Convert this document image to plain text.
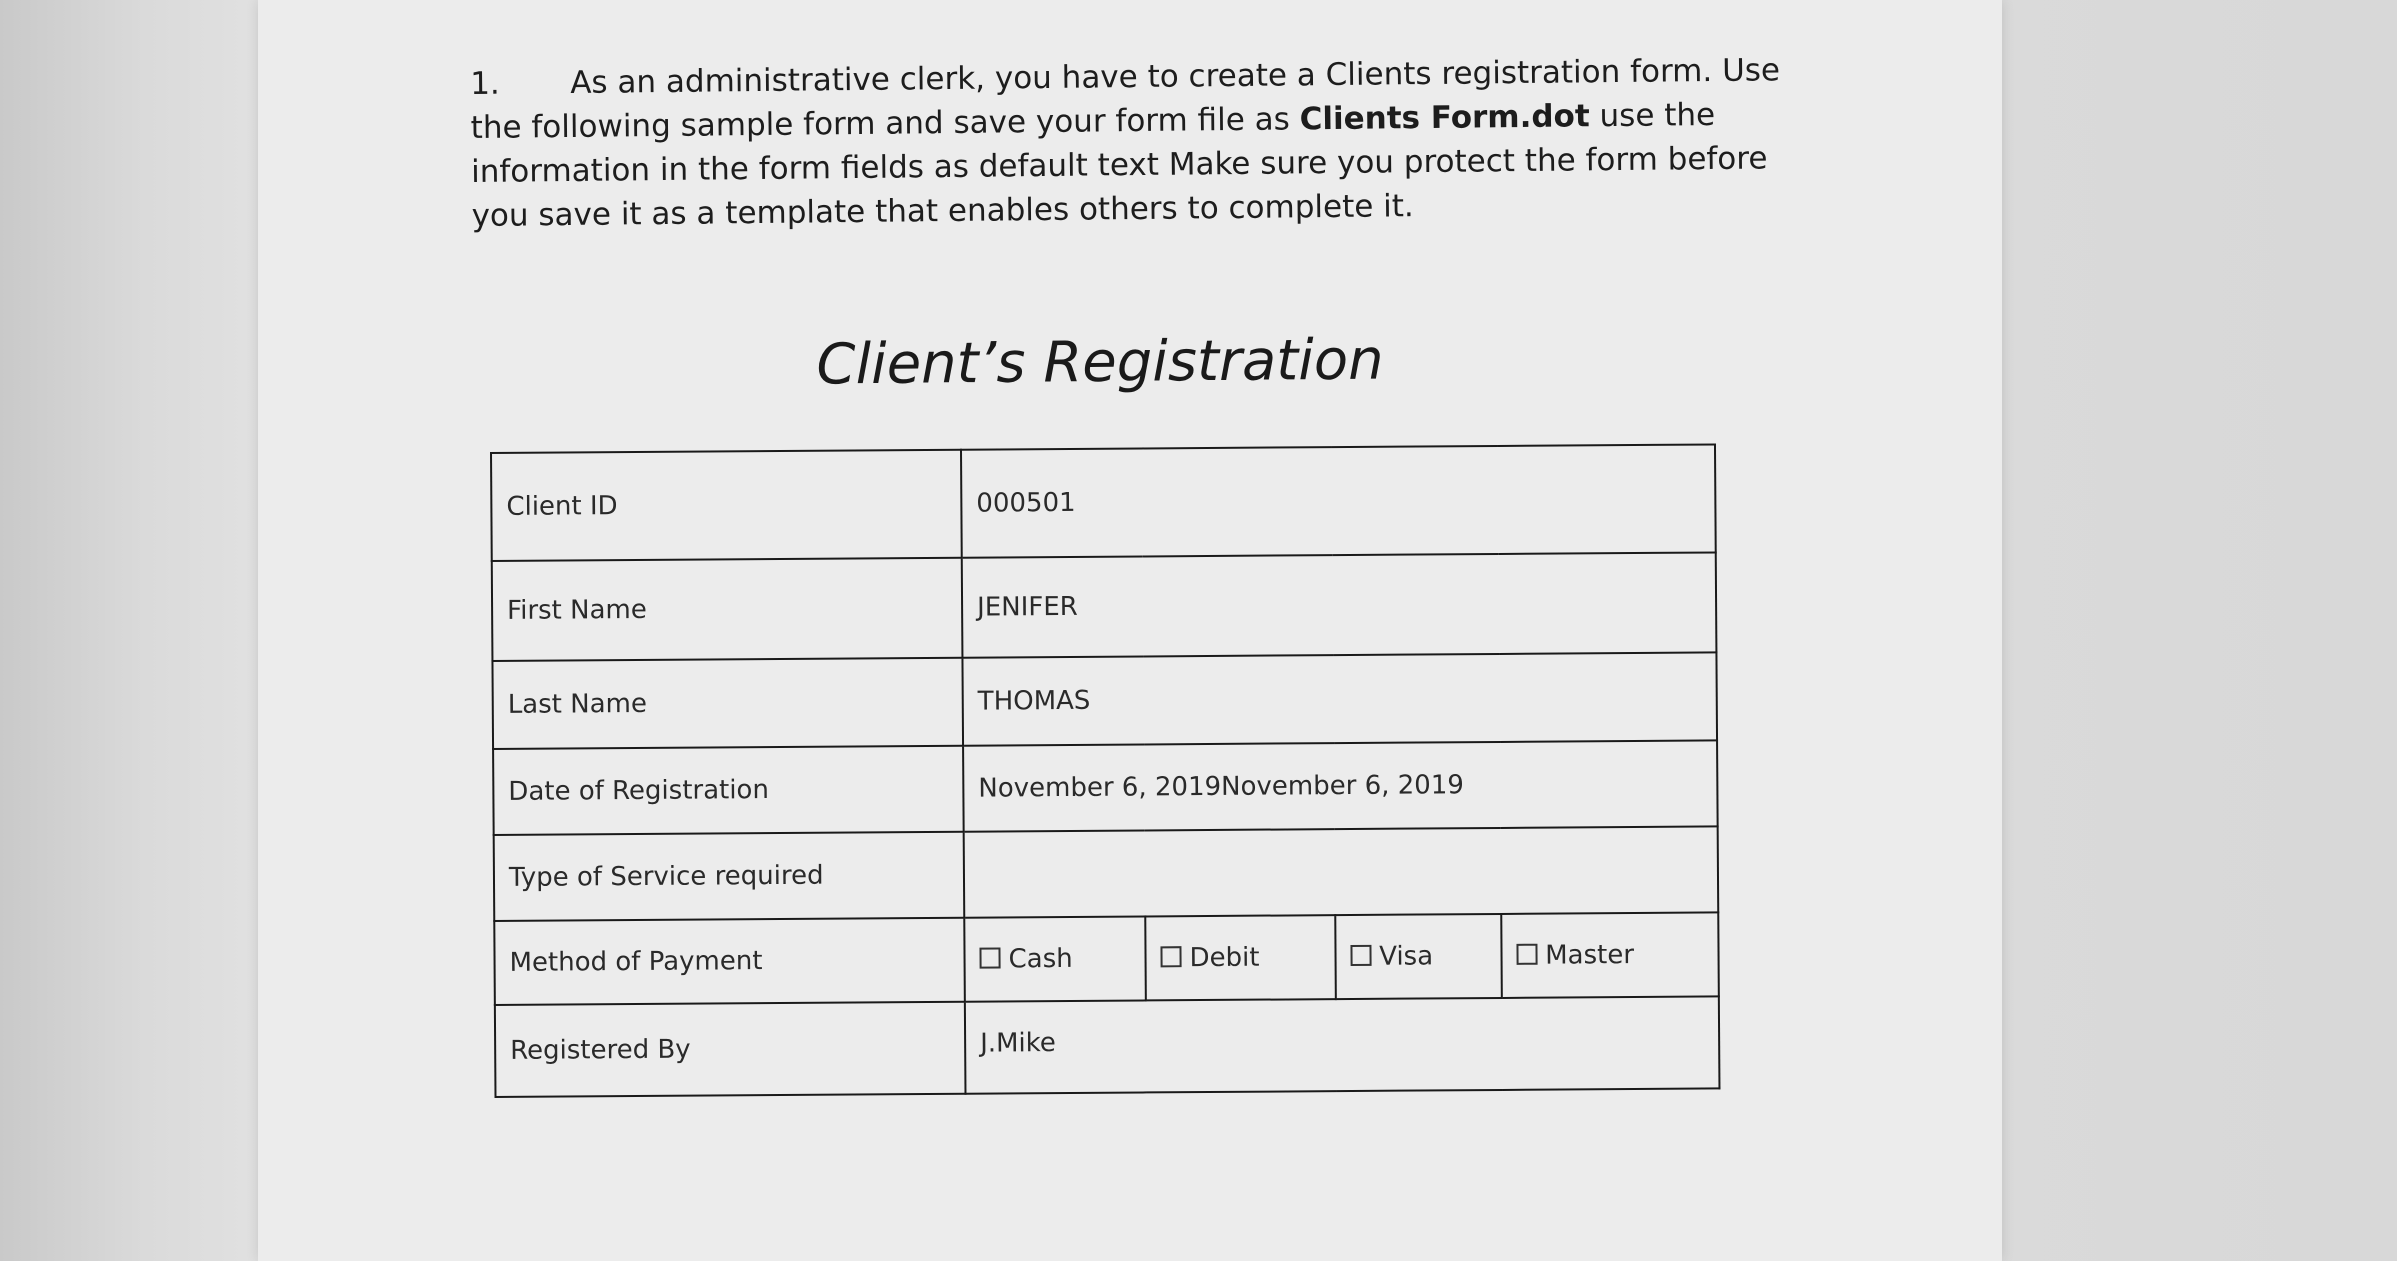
1. As an administrative clerk, you have to create a Clients registration form. Use the following sample form and save your form file as Clients Form.dot use the information in the form fields as default text Make sure you protect the form before you save it as a template that enables others to complete it.
Client’s Registration
Client ID	000501			
First Name	JENIFER			
Last Name	THOMAS			
Date of Registration	November 6, 2019November 6, 2019			
Type of Service required				
Method of Payment	Cash	Debit	Visa	Master
Registered By	J.Mike			
